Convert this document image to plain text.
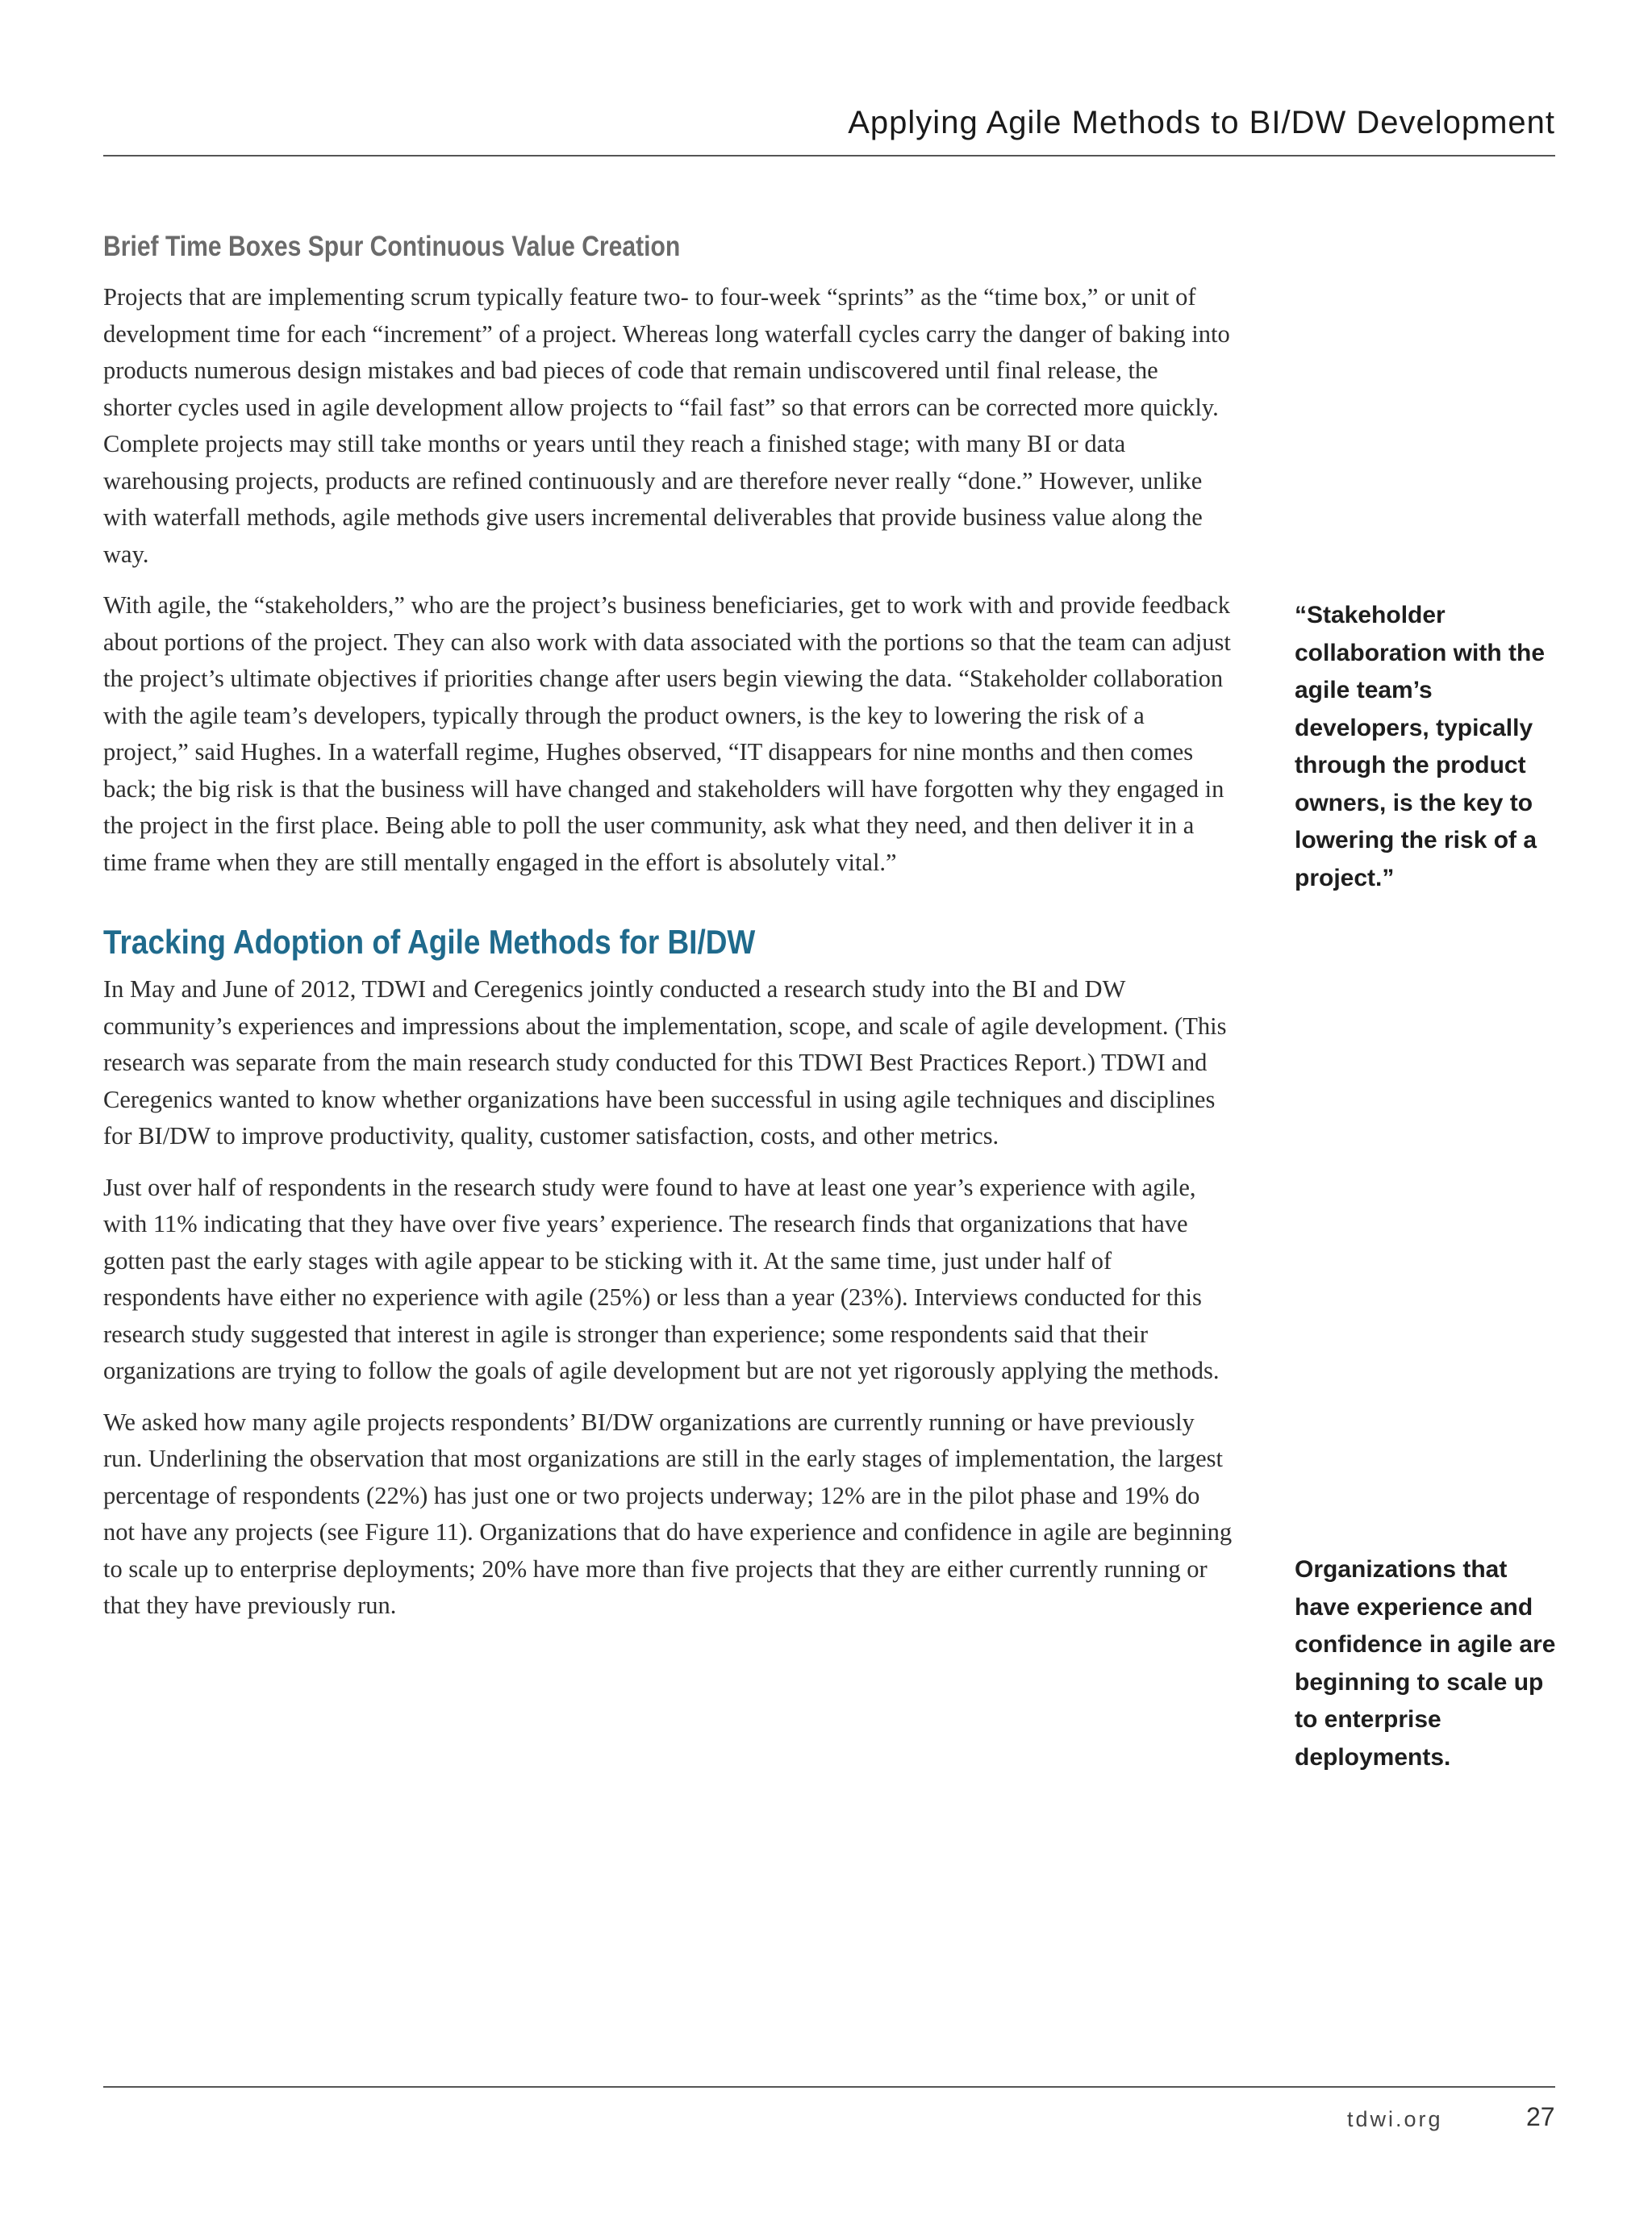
Applying Agile Methods to BI/DW Development
Brief Time Boxes Spur Continuous Value Creation

Projects that are implementing scrum typically feature two- to four-week “sprints” as the “time box,” or unit of development time for each “increment” of a project. Whereas long waterfall cycles carry the danger of baking into products numerous design mistakes and bad pieces of code that remain undiscovered until final release, the shorter cycles used in agile development allow projects to “fail fast” so that errors can be corrected more quickly. Complete projects may still take months or years until they reach a finished stage; with many BI or data warehousing projects, products are refined continuously and are therefore never really “done.” However, unlike with waterfall methods, agile methods give users incremental deliverables that provide business value along the way.

With agile, the “stakeholders,” who are the project’s business beneficiaries, get to work with and provide feedback about portions of the project. They can also work with data associated with the portions so that the team can adjust the project’s ultimate objectives if priorities change after users begin viewing the data. “Stakeholder collaboration with the agile team’s developers, typically through the product owners, is the key to lowering the risk of a project,” said Hughes. In a waterfall regime, Hughes observed, “IT disappears for nine months and then comes back; the big risk is that the business will have changed and stakeholders will have forgotten why they engaged in the project in the first place. Being able to poll the user community, ask what they need, and then deliver it in a time frame when they are still mentally engaged in the effort is absolutely vital.”

Tracking Adoption of Agile Methods for BI/DW

In May and June of 2012, TDWI and Ceregenics jointly conducted a research study into the BI and DW community’s experiences and impressions about the implementation, scope, and scale of agile development. (This research was separate from the main research study conducted for this TDWI Best Practices Report.) TDWI and Ceregenics wanted to know whether organizations have been successful in using agile techniques and disciplines for BI/DW to improve productivity, quality, customer satisfaction, costs, and other metrics.

Just over half of respondents in the research study were found to have at least one year’s experience with agile, with 11% indicating that they have over five years’ experience. The research finds that organizations that have gotten past the early stages with agile appear to be sticking with it. At the same time, just under half of respondents have either no experience with agile (25%) or less than a year (23%). Interviews conducted for this research study suggested that interest in agile is stronger than experience; some respondents said that their organizations are trying to follow the goals of agile development but are not yet rigorously applying the methods.

We asked how many agile projects respondents’ BI/DW organizations are currently running or have previously run. Underlining the observation that most organizations are still in the early stages of implementation, the largest percentage of respondents (22%) has just one or two projects underway; 12% are in the pilot phase and 19% do not have any projects (see Figure 11). Organizations that do have experience and confidence in agile are beginning to scale up to enterprise deployments; 20% have more than five projects that they are either currently running or that they have previously run.

“Stakeholder collaboration with the agile team’s developers, typically through the product owners, is the key to lowering the risk of a project.”
Organizations that have experience and confidence in agile are beginning to scale up to enterprise deployments.
tdwi.org	27
